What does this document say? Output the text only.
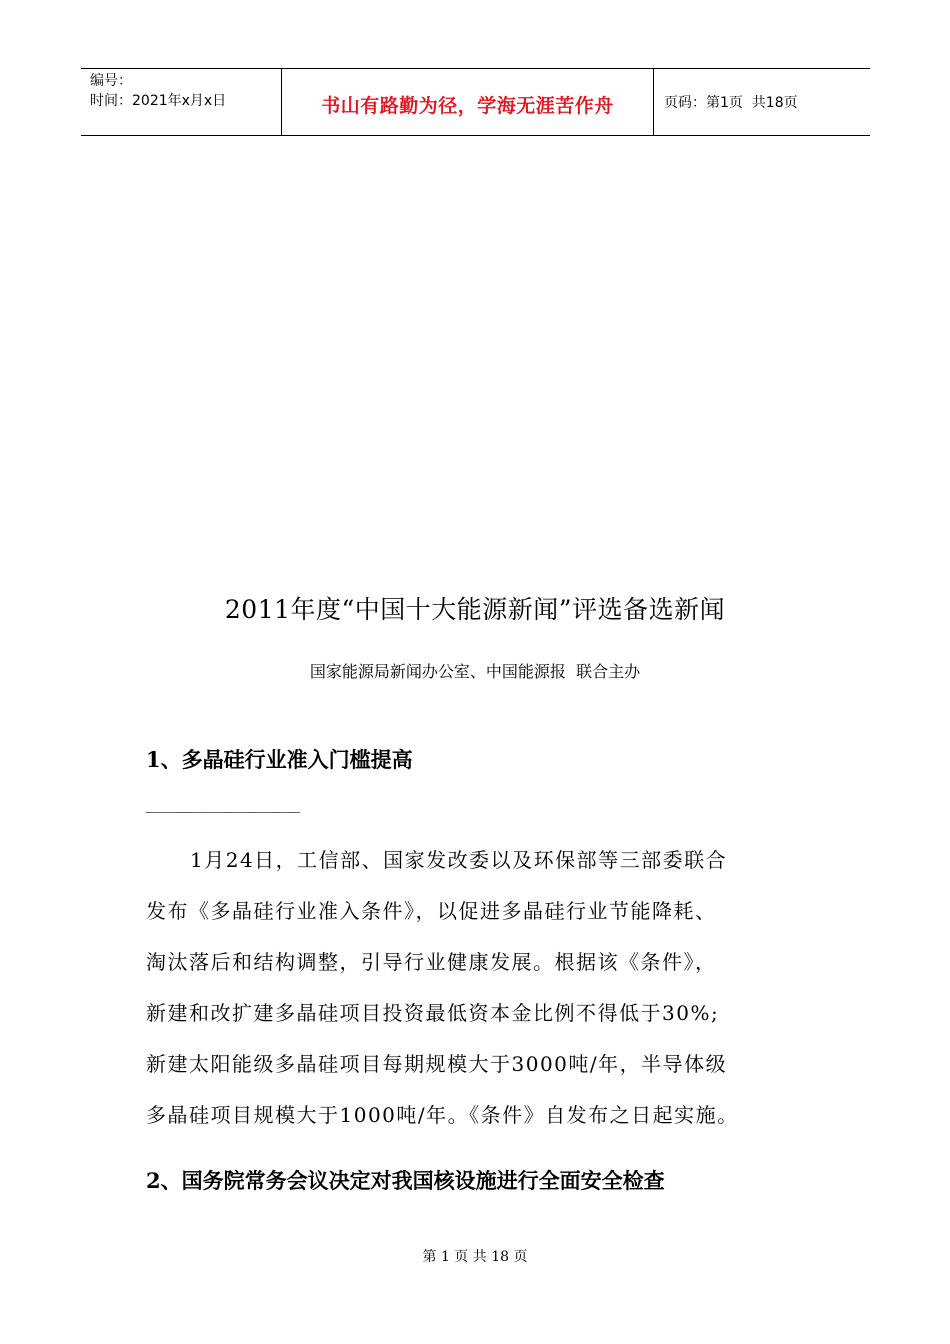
编号：
时间：2021年x月x日	书山有路勤为径，学海无涯苦作舟	页码：第1页  共18页
2011年度“中国十大能源新闻”评选备选新闻
国家能源局新闻办公室、中国能源报  联合主办
1、多晶硅行业准入门槛提高
________________
1月24日，工信部、国家发改委以及环保部等三部委联合
发布《多晶硅行业准入条件》，以促进多晶硅行业节能降耗、
淘汰落后和结构调整，引导行业健康发展。根据该《条件》，
新建和改扩建多晶硅项目投资最低资本金比例不得低于30%;
新建太阳能级多晶硅项目每期规模大于3000吨/年，半导体级
多晶硅项目规模大于1000吨/年。《条件》自发布之日起实施。
2、国务院常务会议决定对我国核设施进行全面安全检查
第 1 页 共 18 页
